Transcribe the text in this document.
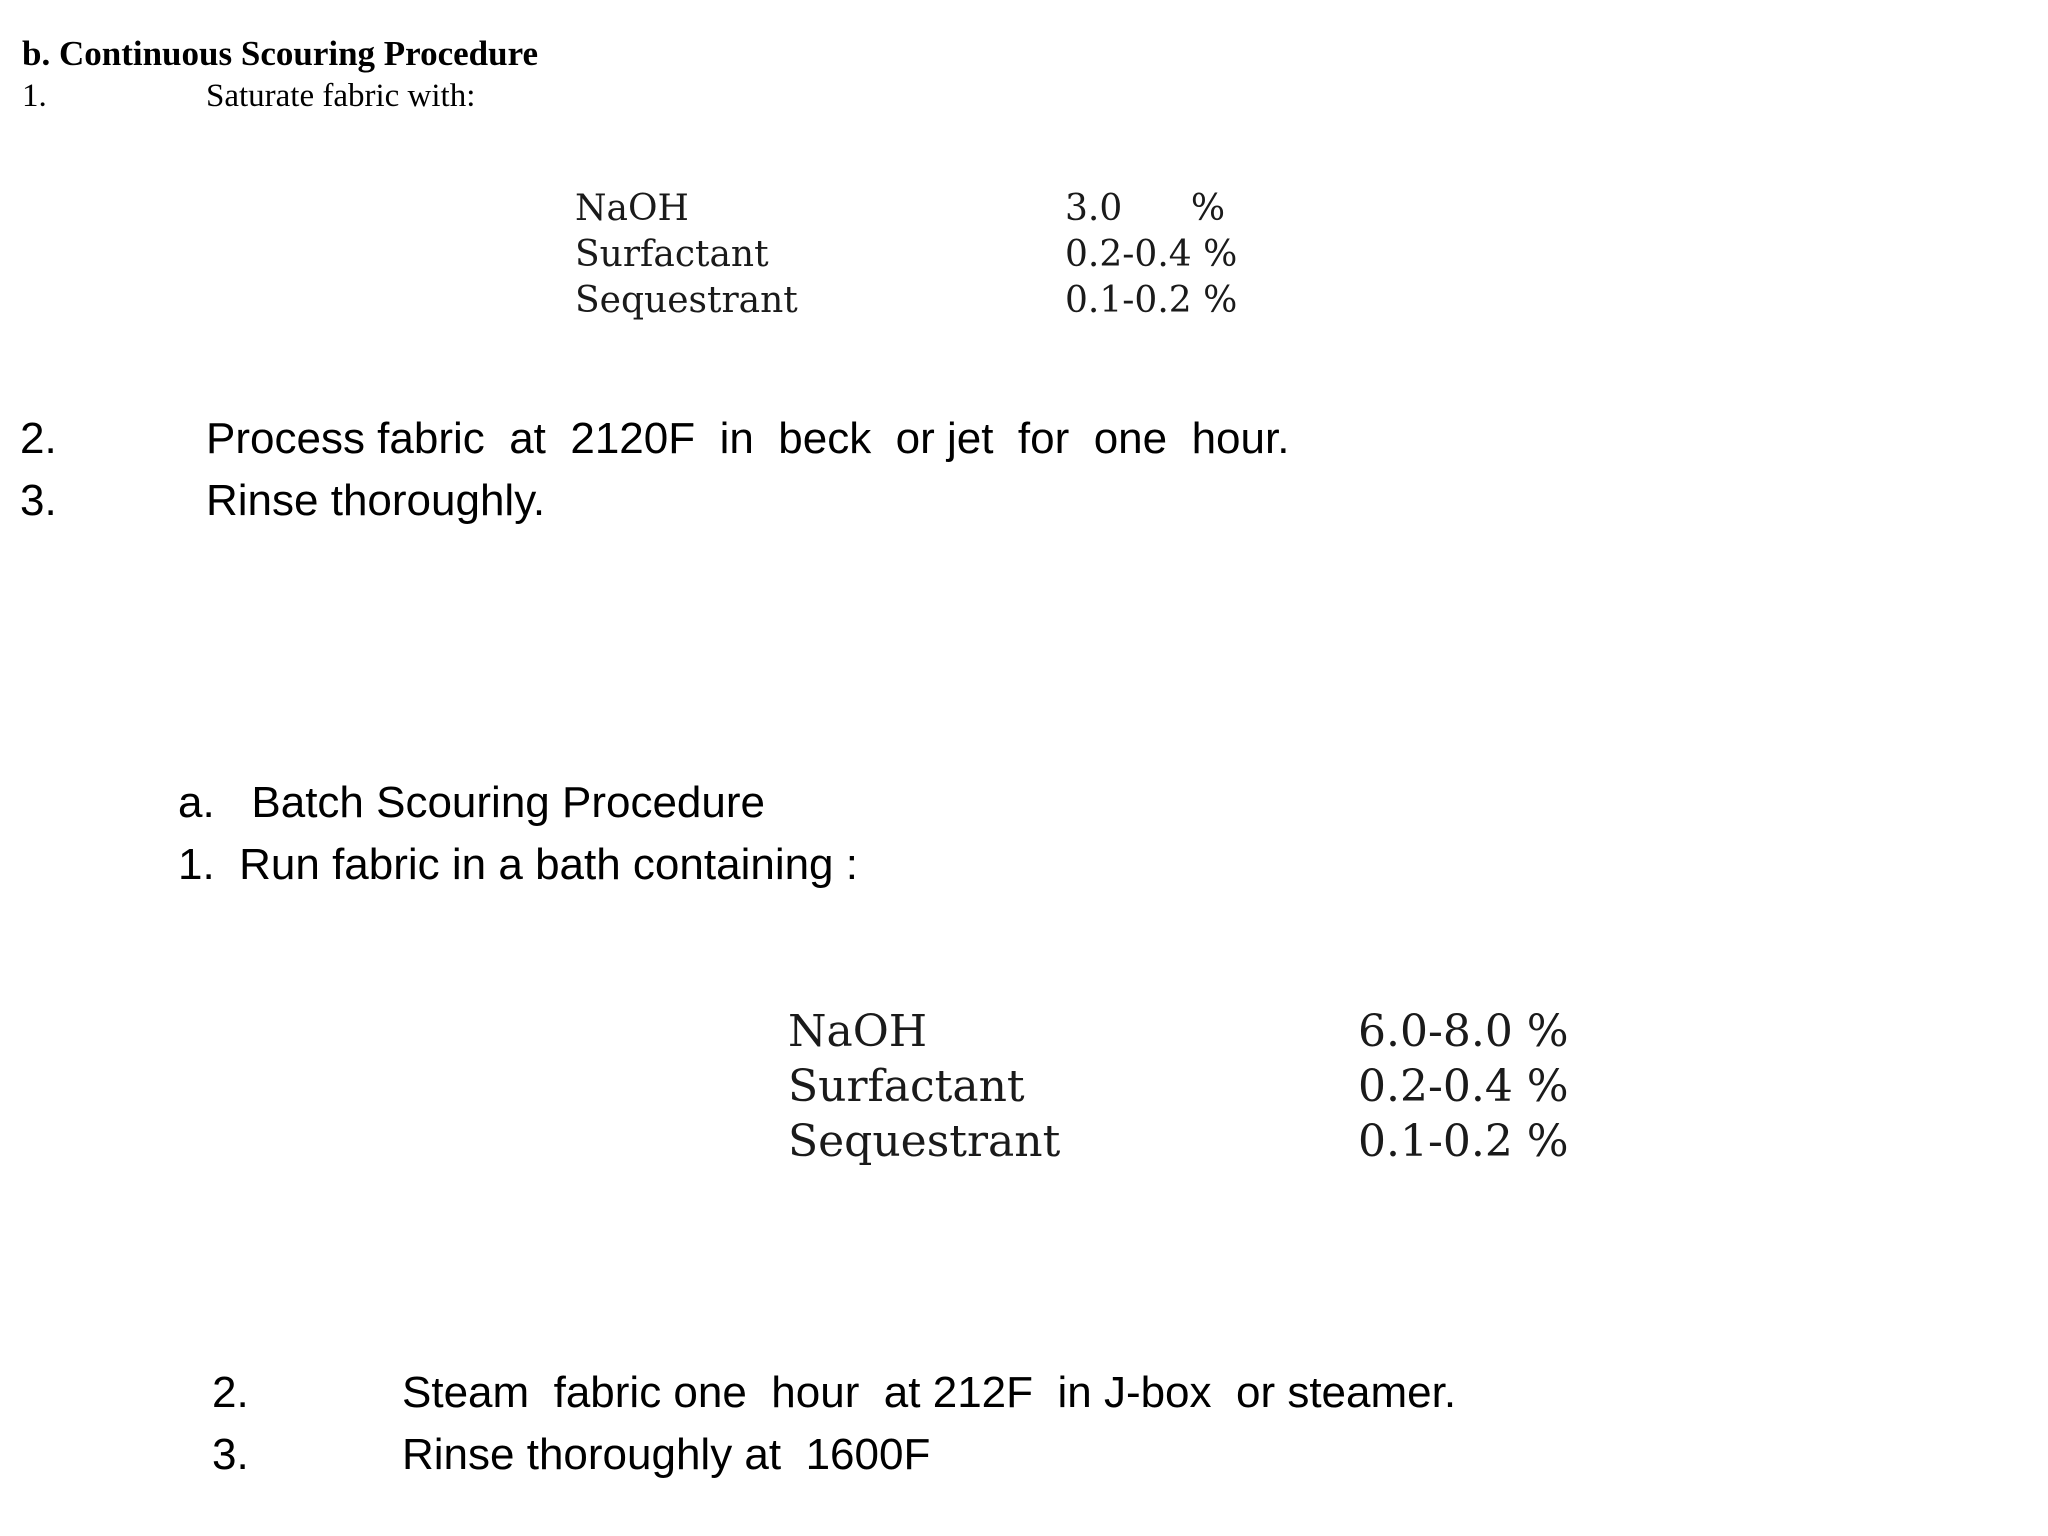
b. Continuous Scouring Procedure
1.	Saturate fabric with:
NaOH	3.0      %
Surfactant	0.2-0.4 %
Sequestrant	0.1-0.2 %
2.	Process fabric  at  2120F  in  beck  or jet  for  one  hour.
3.	Rinse thoroughly.
a.   Batch Scouring Procedure
1.  Run fabric in a bath containing :
NaOH	6.0-8.0 %
Surfactant	0.2-0.4 %
Sequestrant	0.1-0.2 %
2.	Steam  fabric one  hour  at 212F  in J-box  or steamer.
3.	Rinse thoroughly at  1600F
